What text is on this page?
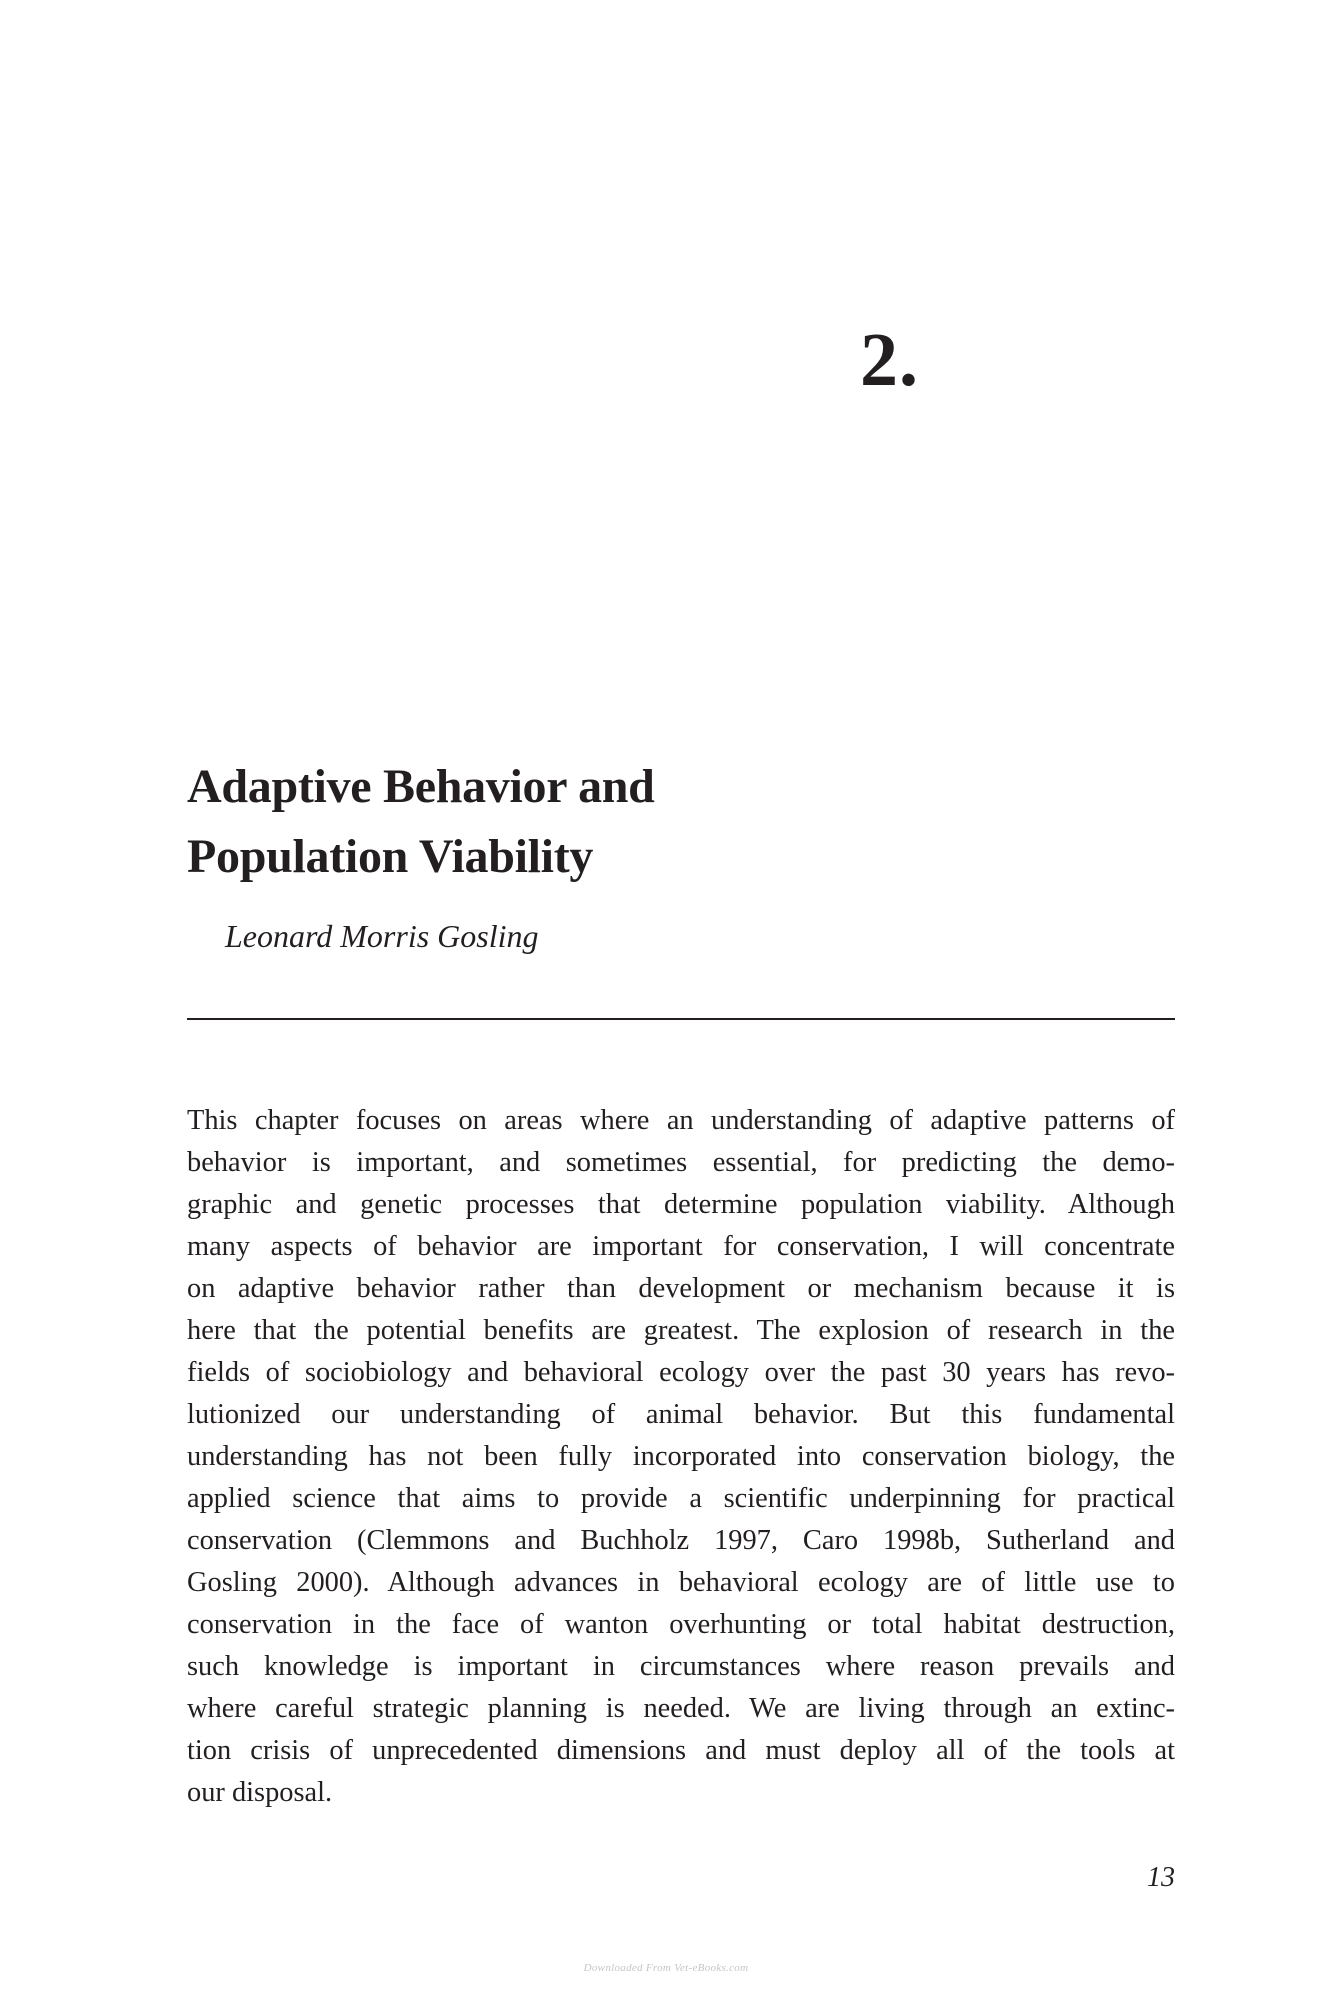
2.
Adaptive Behavior and
Population Viability
Leonard Morris Gosling
This chapter focuses on areas where an understanding of adaptive patterns of
behavior is important, and sometimes essential, for predicting the demo-
graphic and genetic processes that determine population viability. Although
many aspects of behavior are important for conservation, I will concentrate
on adaptive behavior rather than development or mechanism because it is
here that the potential benefits are greatest. The explosion of research in the
fields of sociobiology and behavioral ecology over the past 30 years has revo-
lutionized our understanding of animal behavior. But this fundamental
understanding has not been fully incorporated into conservation biology, the
applied science that aims to provide a scientific underpinning for practical
conservation (Clemmons and Buchholz 1997, Caro 1998b, Sutherland and
Gosling 2000). Although advances in behavioral ecology are of little use to
conservation in the face of wanton overhunting or total habitat destruction,
such knowledge is important in circumstances where reason prevails and
where careful strategic planning is needed. We are living through an extinc-
tion crisis of unprecedented dimensions and must deploy all of the tools at
our disposal.
13
Downloaded From Vet-eBooks.com
